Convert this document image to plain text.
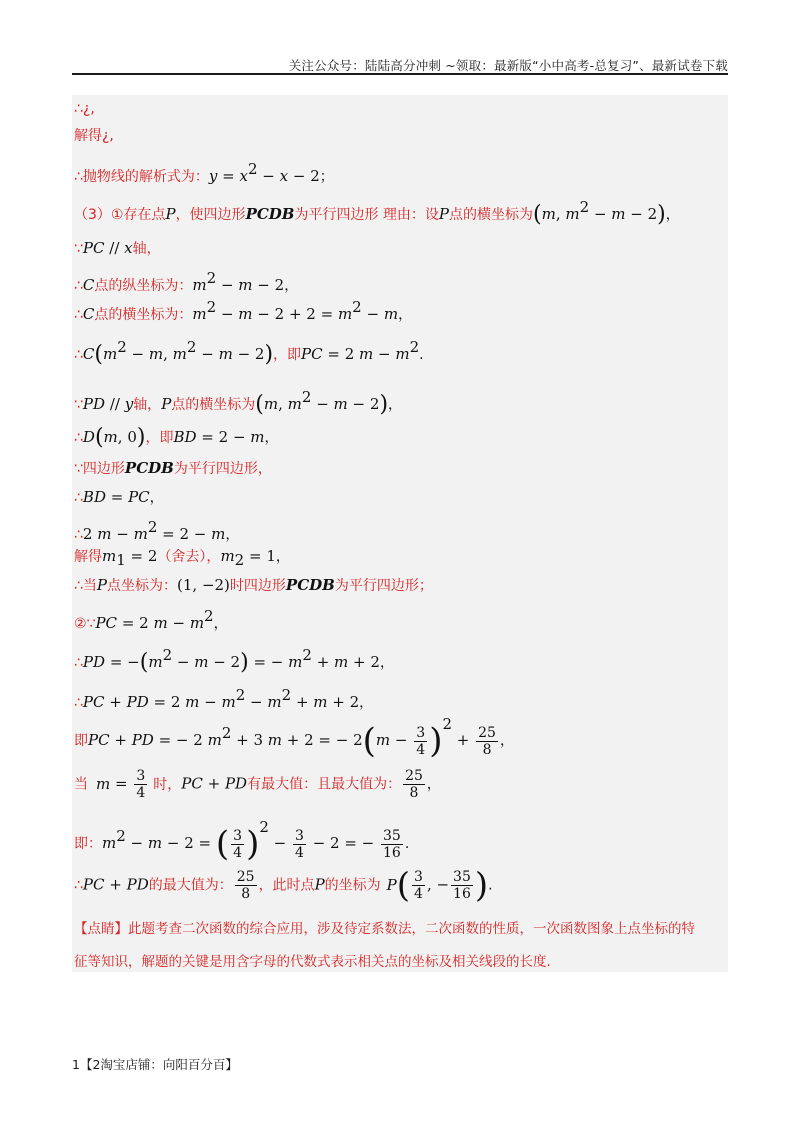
关注公众号：陆陆高分冲刺 ~领取：最新版“小中高考-总复习”、最新试卷下载
∴¿,
解得¿,
∴抛物线的解析式为：$y = x^2 - x - 2$；
（3）①存在点P，使四边形PCDB为平行四边形 理由：设P点的横坐标为(m, $m^2 - m - 2$)，
∵PC // x轴，
∴C点的纵坐标为：$m^2 - m - 2$，
∴C点的横坐标为：$m^2 - m - 2 + 2 = m^2 - m$，
$\therefore C(m^2 - m$, $m^2 - m - 2$)，即PC = 2 $m - m^2$.
∵PD // y轴，P点的横坐标为(m, $m^2 - m - 2$)，
∴D(m, 0)，即BD = 2 − m，
∵四边形PCDB为平行四边形，
∴BD = PC，
∴2 $m - m^2 = 2 - m$，
解得$m_1 = 2$（舍去），$m_2 = 1$，
∴当P点坐标为：(1, −2)时四边形PCDB为平行四边形；
②∵PC = 2 $m - m^2$，
∴PD = $-(m^2 - m - 2)$ = − $m^2 + m + 2$，
∴PC + PD = 2 $m - m^2 - m^2 + m + 2$，
即PC + PD = − 2 $m^2 + 3$ m + 2 = − $2(m - \frac{3}{4} )^2 + \frac{25}{8}$ ，
当 $m = \frac{3}{4}$ 时，PC + PD有最大值：且最大值为： $\frac{25}{8}$ ，
即：$m^2 - m - 2$ = ( $\frac{3}{4} )^2 - \frac{3}{4} - 2$ = − $\frac{35}{16}$ .
∴PC + PD的最大值为： $\frac{25}{8}$ ，此时点P的坐标为 $P( \frac{3}{4}$ , − $\frac{35}{16}$ ).
【点睛】此题考查二次函数的综合应用，涉及待定系数法，二次函数的性质，一次函数图象上点坐标的特
征等知识，解题的关键是用含字母的代数式表示相关点的坐标及相关线段的长度.
1【2淘宝店铺：向阳百分百】
